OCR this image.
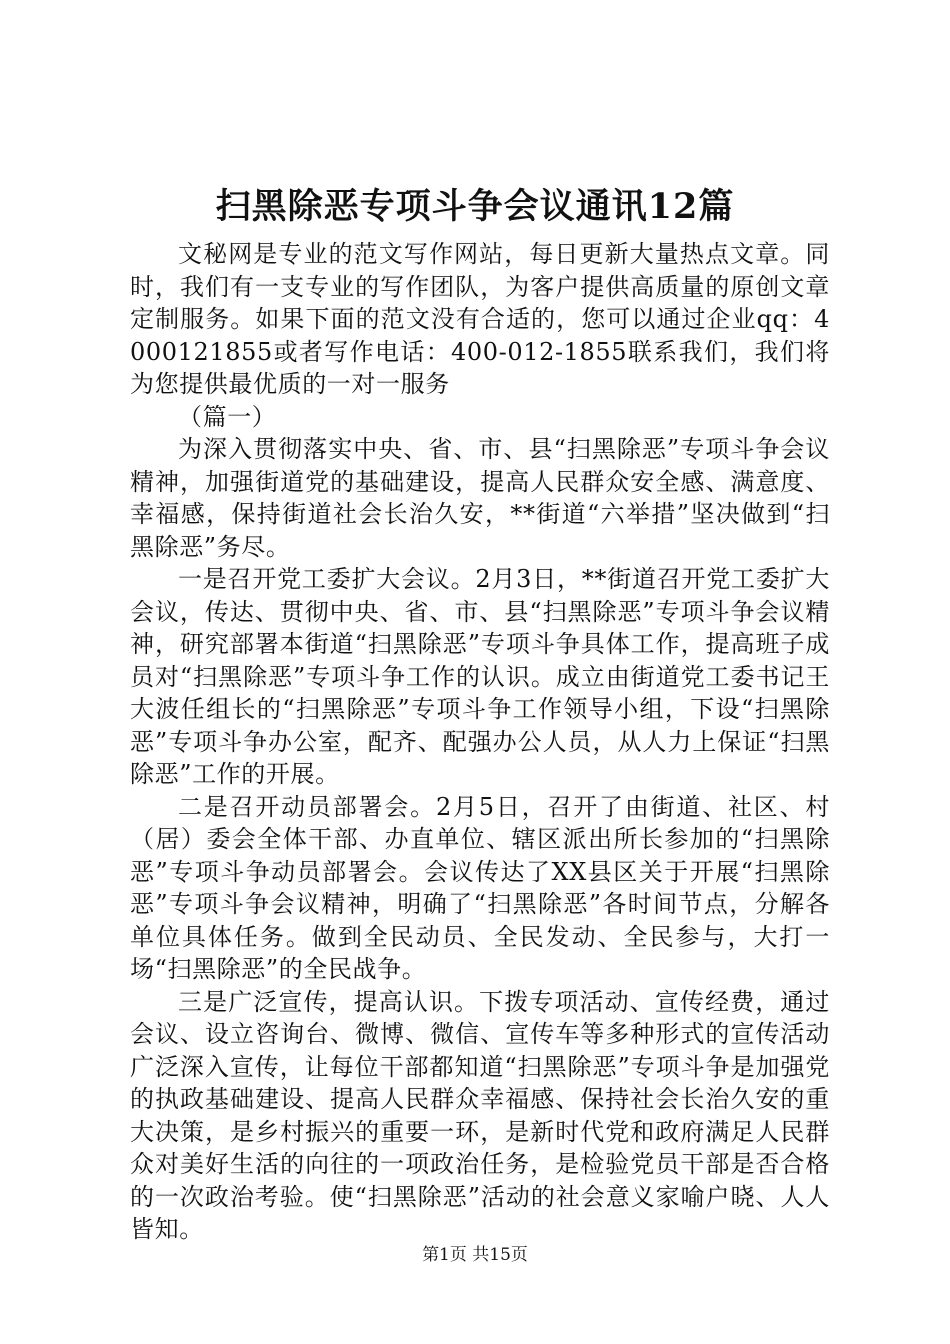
扫黑除恶专项斗争会议通讯12篇

文秘网是专业的范文写作网站，每日更新大量热点文章。同时，我们有一支专业的写作团队，为客户提供高质量的原创文章定制服务。如果下面的范文没有合适的，您可以通过企业qq：4000121855或者写作电话：400-012-1855联系我们，我们将为您提供最优质的一对一服务

（篇一）

为深入贯彻落实中央、省、市、县“扫黑除恶”专项斗争会议精神，加强街道党的基础建设，提高人民群众安全感、满意度、幸福感，保持街道社会长治久安，**街道“六举措”坚决做到“扫黑除恶”务尽。

一是召开党工委扩大会议。2月3日，**街道召开党工委扩大会议，传达、贯彻中央、省、市、县“扫黑除恶”专项斗争会议精神，研究部署本街道“扫黑除恶”专项斗争具体工作，提高班子成员对“扫黑除恶”专项斗争工作的认识。成立由街道党工委书记王大波任组长的“扫黑除恶”专项斗争工作领导小组，下设“扫黑除恶”专项斗争办公室，配齐、配强办公人员，从人力上保证“扫黑除恶”工作的开展。

二是召开动员部署会。2月5日，召开了由街道、社区、村（居）委会全体干部、办直单位、辖区派出所长参加的“扫黑除恶”专项斗争动员部署会。会议传达了XX县区关于开展“扫黑除恶”专项斗争会议精神，明确了“扫黑除恶”各时间节点，分解各单位具体任务。做到全民动员、全民发动、全民参与，大打一场“扫黑除恶”的全民战争。

三是广泛宣传，提高认识。下拨专项活动、宣传经费，通过会议、设立咨询台、微博、微信、宣传车等多种形式的宣传活动广泛深入宣传，让每位干部都知道“扫黑除恶”专项斗争是加强党的执政基础建设、提高人民群众幸福感、保持社会长治久安的重大决策，是乡村振兴的重要一环，是新时代党和政府满足人民群众对美好生活的向往的一项政治任务，是检验党员干部是否合格的一次政治考验。使“扫黑除恶”活动的社会意义家喻户晓、人人皆知。

第1页 共15页
